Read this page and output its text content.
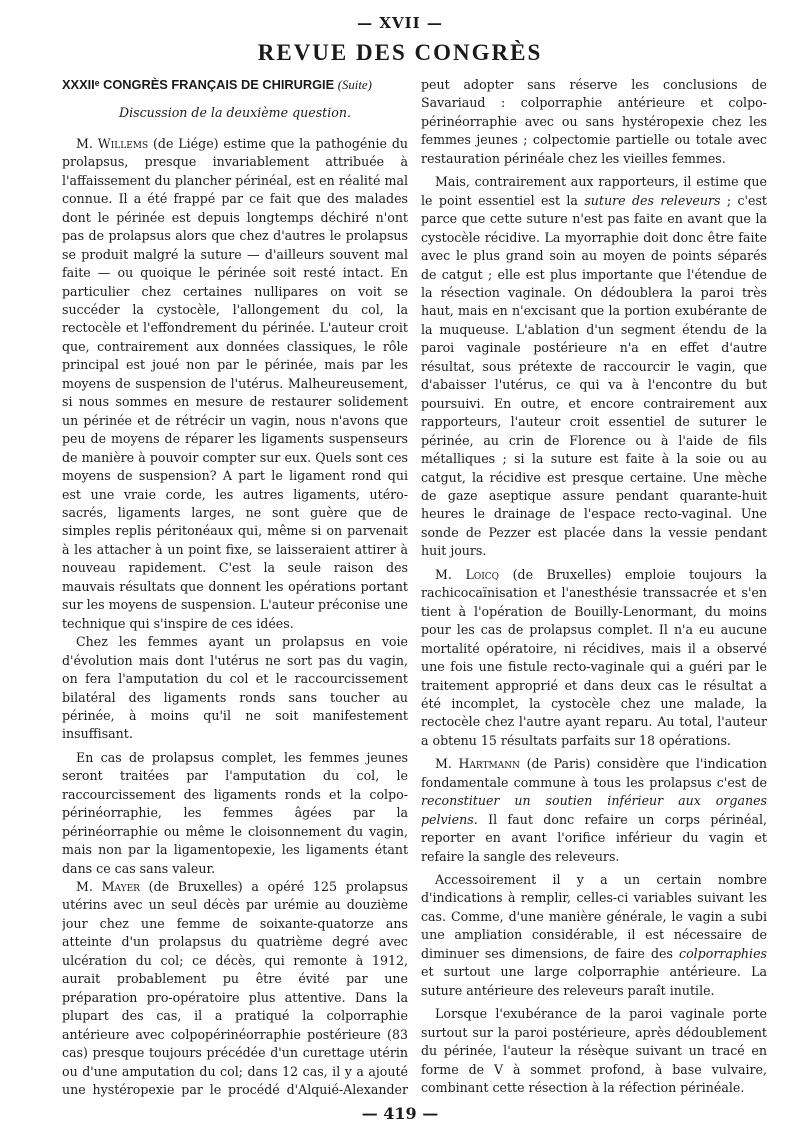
— XVII —
REVUE DES CONGRÈS

XXXIIᵉ CONGRÈS FRANÇAIS DE CHIRURGIE (Suite)

Discussion de la deuxième question.

M. Willems (de Liége) estime que la pathogénie du prolapsus, presque invariablement attribuée à l'affaissement du plancher périnéal, est en réalité mal connue. Il a été frappé par ce fait que des malades dont le périnée est depuis longtemps déchiré n'ont pas de prolapsus alors que chez d'autres le prolapsus se produit malgré la suture — d'ailleurs souvent mal faite — ou quoique le périnée soit resté intact. En particulier chez certaines nullipares on voit se succéder la cystocèle, l'allongement du col, la rectocèle et l'effondrement du périnée. L'auteur croit que, contrairement aux données classiques, le rôle principal est joué non par le périnée, mais par les moyens de suspension de l'utérus. Malheureusement, si nous sommes en mesure de restaurer solidement un périnée et de rétrécir un vagin, nous n'avons que peu de moyens de réparer les ligaments suspenseurs de manière à pouvoir compter sur eux. Quels sont ces moyens de suspension? A part le ligament rond qui est une vraie corde, les autres ligaments, utéro-sacrés, ligaments larges, ne sont guère que de simples replis péritonéaux qui, même si on parvenait à les attacher à un point fixe, se laisseraient attirer à nouveau rapidement. C'est la seule raison des mauvais résultats que donnent les opérations portant sur les moyens de suspension. L'auteur préconise une technique qui s'inspire de ces idées.

Chez les femmes ayant un prolapsus en voie d'évolution mais dont l'utérus ne sort pas du vagin, on fera l'amputation du col et le raccourcissement bilatéral des ligaments ronds sans toucher au périnée, à moins qu'il ne soit manifestement insuffisant.

En cas de prolapsus complet, les femmes jeunes seront traitées par l'amputation du col, le raccourcissement des ligaments ronds et la colpo-périnéorraphie, les femmes âgées par la périnéorraphie ou même le cloisonnement du vagin, mais non par la ligamentopexie, les ligaments étant dans ce cas sans valeur.

M. Mayer (de Bruxelles) a opéré 125 prolapsus utérins avec un seul décès par urémie au douzième jour chez une femme de soixante-quatorze ans atteinte d'un prolapsus du quatrième degré avec ulcération du col; ce décès, qui remonte à 1912, aurait probablement pu être évité par une préparation pro-opératoire plus attentive. Dans la plupart des cas, il a pratiqué la colporraphie antérieure avec colpopérinéorraphie postérieure (83 cas) presque toujours précédée d'un curettage utérin ou d'une amputation du col; dans 12 cas, il y a ajouté une hystéropexie par le procédé d'Alquié-Alexander

peut adopter sans réserve les conclusions de Savariaud : colporraphie antérieure et colpo-périnéorraphie avec ou sans hystéropexie chez les femmes jeunes ; colpectomie partielle ou totale avec restauration périnéale chez les vieilles femmes.

Mais, contrairement aux rapporteurs, il estime que le point essentiel est la suture des releveurs ; c'est parce que cette suture n'est pas faite en avant que la cystocèle récidive. La myorraphie doit donc être faite avec le plus grand soin au moyen de points séparés de catgut ; elle est plus importante que l'étendue de la résection vaginale. On dédoublera la paroi très haut, mais en n'excisant que la portion exubérante de la muqueuse. L'ablation d'un segment étendu de la paroi vaginale postérieure n'a en effet d'autre résultat, sous prétexte de raccourcir le vagin, que d'abaisser l'utérus, ce qui va à l'encontre du but poursuivi. En outre, et encore contrairement aux rapporteurs, l'auteur croit essentiel de suturer le périnée, au crin de Florence ou à l'aide de fils métalliques ; si la suture est faite à la soie ou au catgut, la récidive est presque certaine. Une mèche de gaze aseptique assure pendant quarante-huit heures le drainage de l'espace recto-vaginal. Une sonde de Pezzer est placée dans la vessie pendant huit jours.

M. Loicq (de Bruxelles) emploie toujours la rachicocaïnisation et l'anesthésie transsacrée et s'en tient à l'opération de Bouilly-Lenormant, du moins pour les cas de prolapsus complet. Il n'a eu aucune mortalité opératoire, ni récidives, mais il a observé une fois une fistule recto-vaginale qui a guéri par le traitement approprié et dans deux cas le résultat a été incomplet, la cystocèle chez une malade, la rectocèle chez l'autre ayant reparu. Au total, l'auteur a obtenu 15 résultats parfaits sur 18 opérations.

M. Hartmann (de Paris) considère que l'indication fondamentale commune à tous les prolapsus c'est de reconstituer un soutien inférieur aux organes pelviens. Il faut donc refaire un corps périnéal, reporter en avant l'orifice inférieur du vagin et refaire la sangle des releveurs.

Accessoirement il y a un certain nombre d'indications à remplir, celles-ci variables suivant les cas. Comme, d'une manière générale, le vagin a subi une ampliation considérable, il est nécessaire de diminuer ses dimensions, de faire des colporraphies et surtout une large colporraphie antérieure. La suture antérieure des releveurs paraît inutile.

Lorsque l'exubérance de la paroi vaginale porte surtout sur la paroi postérieure, après dédoublement du périnée, l'auteur la résèque suivant un tracé en forme de V à sommet profond, à base vulvaire, combinant cette résection à la réfection périnéale.

— 419 —
